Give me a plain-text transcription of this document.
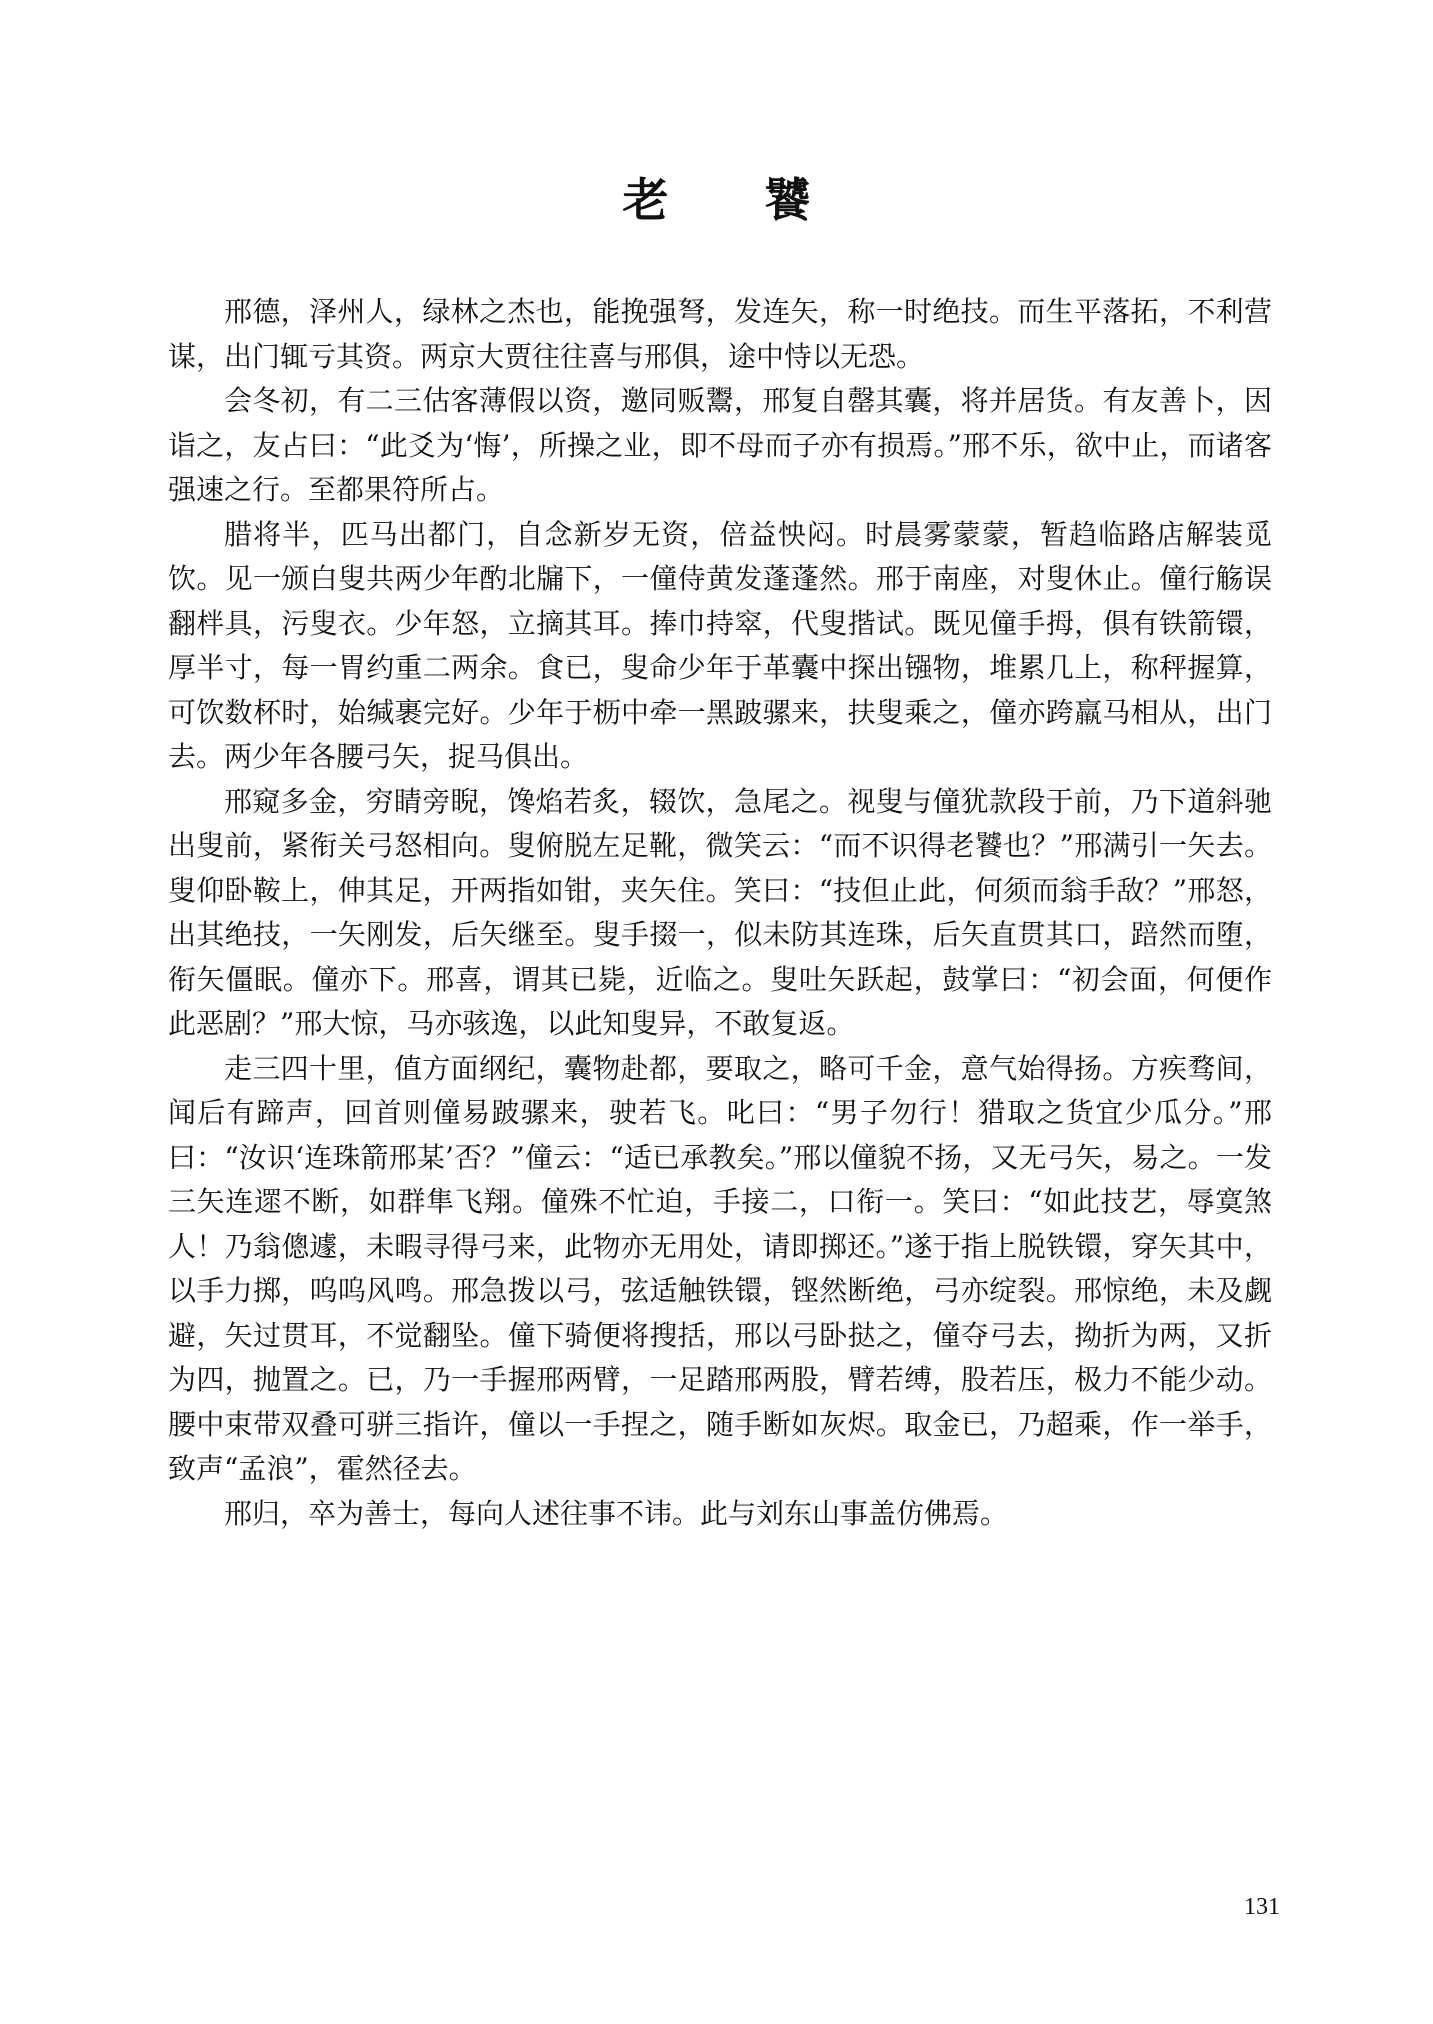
老 饕

邢德，泽州人，绿林之杰也，能挽强弩，发连矢，称一时绝技。而生平落拓，不利营谋，出门辄亏其资。两京大贾往往喜与邢俱，途中恃以无恐。

会冬初，有二三估客薄假以资，邀同贩鬻，邢复自罄其囊，将并居货。有友善卜，因诣之，友占曰：“此爻为‘悔’，所操之业，即不母而子亦有损焉。”邢不乐，欲中止，而诸客强速之行。至都果符所占。

腊将半，匹马出都门，自念新岁无资，倍益怏闷。时晨雾蒙蒙，暂趋临路店解装觅饮。见一颁白叟共两少年酌北牖下，一僮侍黄发蓬蓬然。邢于南座，对叟休止。僮行觞误翻柈具，污叟衣。少年怒，立摘其耳。捧巾持窣，代叟揩试。既见僮手拇，俱有铁箭镮，厚半寸，每一胃约重二两余。食已，叟命少年于革囊中探出镪物，堆累几上，称秤握算，可饮数杯时，始缄裹完好。少年于枥中牵一黑跛骡来，扶叟乘之，僮亦跨羸马相从，出门去。两少年各腰弓矢，捉马俱出。

邢窥多金，穷睛旁睨，馋焰若炙，辍饮，急尾之。视叟与僮犹款段于前，乃下道斜驰出叟前，紧衔关弓怒相向。叟俯脱左足靴，微笑云：“而不识得老饕也？”邢满引一矢去。叟仰卧鞍上，伸其足，开两指如钳，夹矢住。笑曰：“技但止此，何须而翁手敌？”邢怒，出其绝技，一矢刚发，后矢继至。叟手掇一，似未防其连珠，后矢直贯其口，踣然而堕，衔矢僵眠。僮亦下。邢喜，谓其已毙，近临之。叟吐矢跃起，鼓掌曰：“初会面，何便作此恶剧？”邢大惊，马亦骇逸，以此知叟异，不敢复返。

走三四十里，值方面纲纪，囊物赴都，要取之，略可千金，意气始得扬。方疾骛间，闻后有蹄声，回首则僮易跛骡来，驶若飞。叱曰：“男子勿行！猎取之货宜少瓜分。”邢曰：“汝识‘连珠箭邢某’否？”僮云：“适已承教矣。”邢以僮貌不扬，又无弓矢，易之。一发三矢连遝不断，如群隼飞翔。僮殊不忙迫，手接二，口衔一。笑曰：“如此技艺，辱寞煞人！乃翁傯遽，未暇寻得弓来，此物亦无用处，请即掷还。”遂于指上脱铁镮，穿矢其中，以手力掷，呜呜风鸣。邢急拨以弓，弦适触铁镮，铿然断绝，弓亦绽裂。邢惊绝，未及觑避，矢过贯耳，不觉翻坠。僮下骑便将搜括，邢以弓卧挞之，僮夺弓去，拗折为两，又折为四，抛置之。已，乃一手握邢两臂，一足踏邢两股，臂若缚，股若压，极力不能少动。腰中束带双叠可骈三指许，僮以一手捏之，随手断如灰烬。取金已，乃超乘，作一举手，致声“孟浪”，霍然径去。

邢归，卒为善士，每向人述往事不讳。此与刘东山事盖仿佛焉。

131
